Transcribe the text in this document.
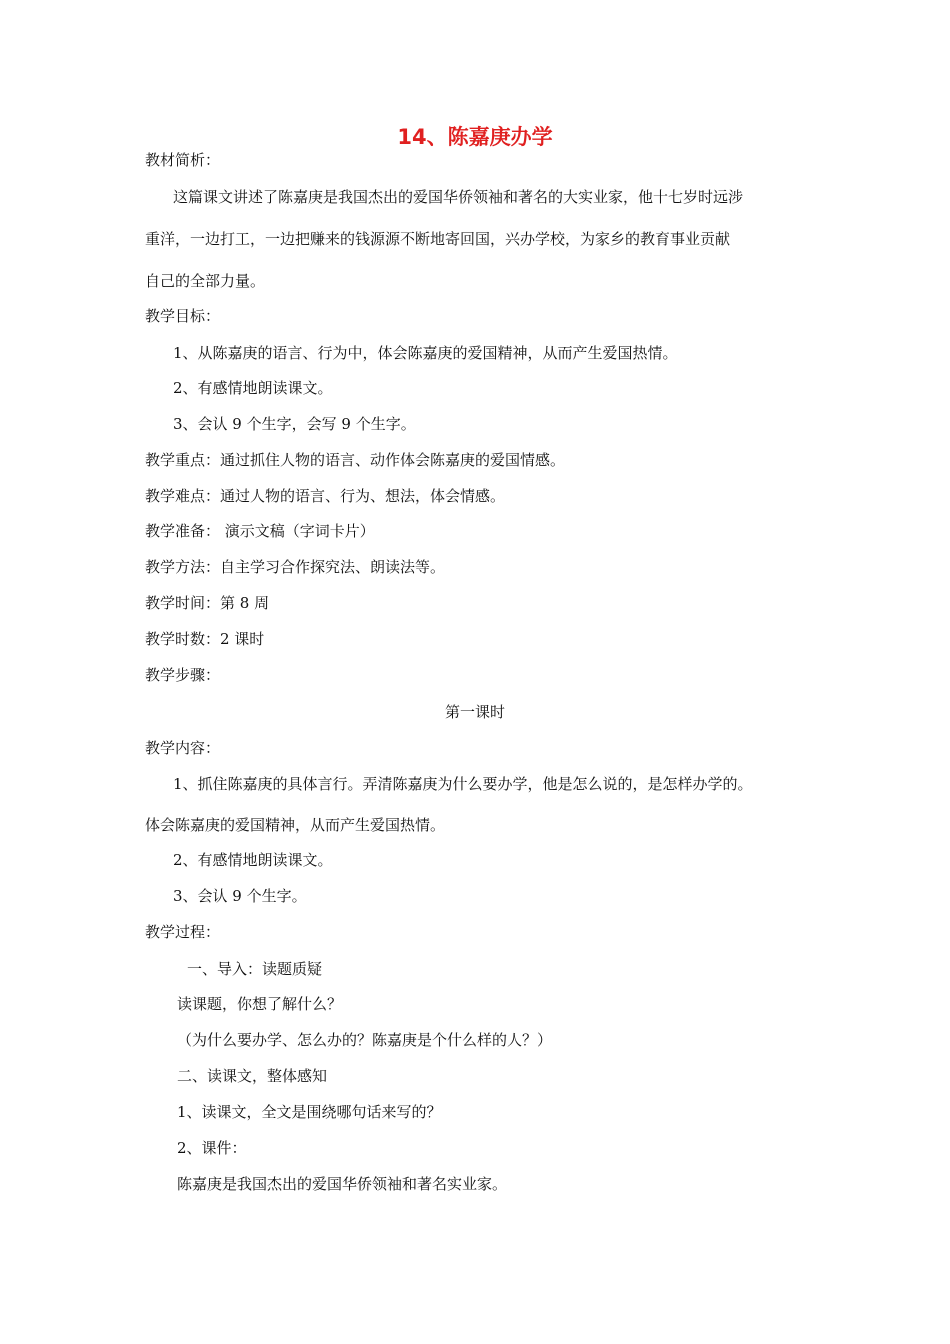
14、陈嘉庚办学
教材简析：
这篇课文讲述了陈嘉庚是我国杰出的爱国华侨领袖和著名的大实业家，他十七岁时远涉
重洋，一边打工，一边把赚来的钱源源不断地寄回国，兴办学校，为家乡的教育事业贡献
自己的全部力量。
教学目标：
1、从陈嘉庚的语言、行为中，体会陈嘉庚的爱国精神，从而产生爱国热情。
2、有感情地朗读课文。
3、会认 9 个生字，会写 9 个生字。
教学重点：通过抓住人物的语言、动作体会陈嘉庚的爱国情感。
教学难点：通过人物的语言、行为、想法，体会情感。
教学准备： 演示文稿（字词卡片）
教学方法：自主学习合作探究法、朗读法等。
教学时间：第 8 周
教学时数：2 课时
教学步骤：
第一课时
教学内容：
1、抓住陈嘉庚的具体言行。弄清陈嘉庚为什么要办学，他是怎么说的，是怎样办学的。
体会陈嘉庚的爱国精神，从而产生爱国热情。
2、有感情地朗读课文。
3、会认 9 个生字。
教学过程：
一、导入：读题质疑
读课题，你想了解什么？
（为什么要办学、怎么办的？陈嘉庚是个什么样的人？）
二、读课文，整体感知
1、读课文，全文是围绕哪句话来写的？
2、课件：
陈嘉庚是我国杰出的爱国华侨领袖和著名实业家。
